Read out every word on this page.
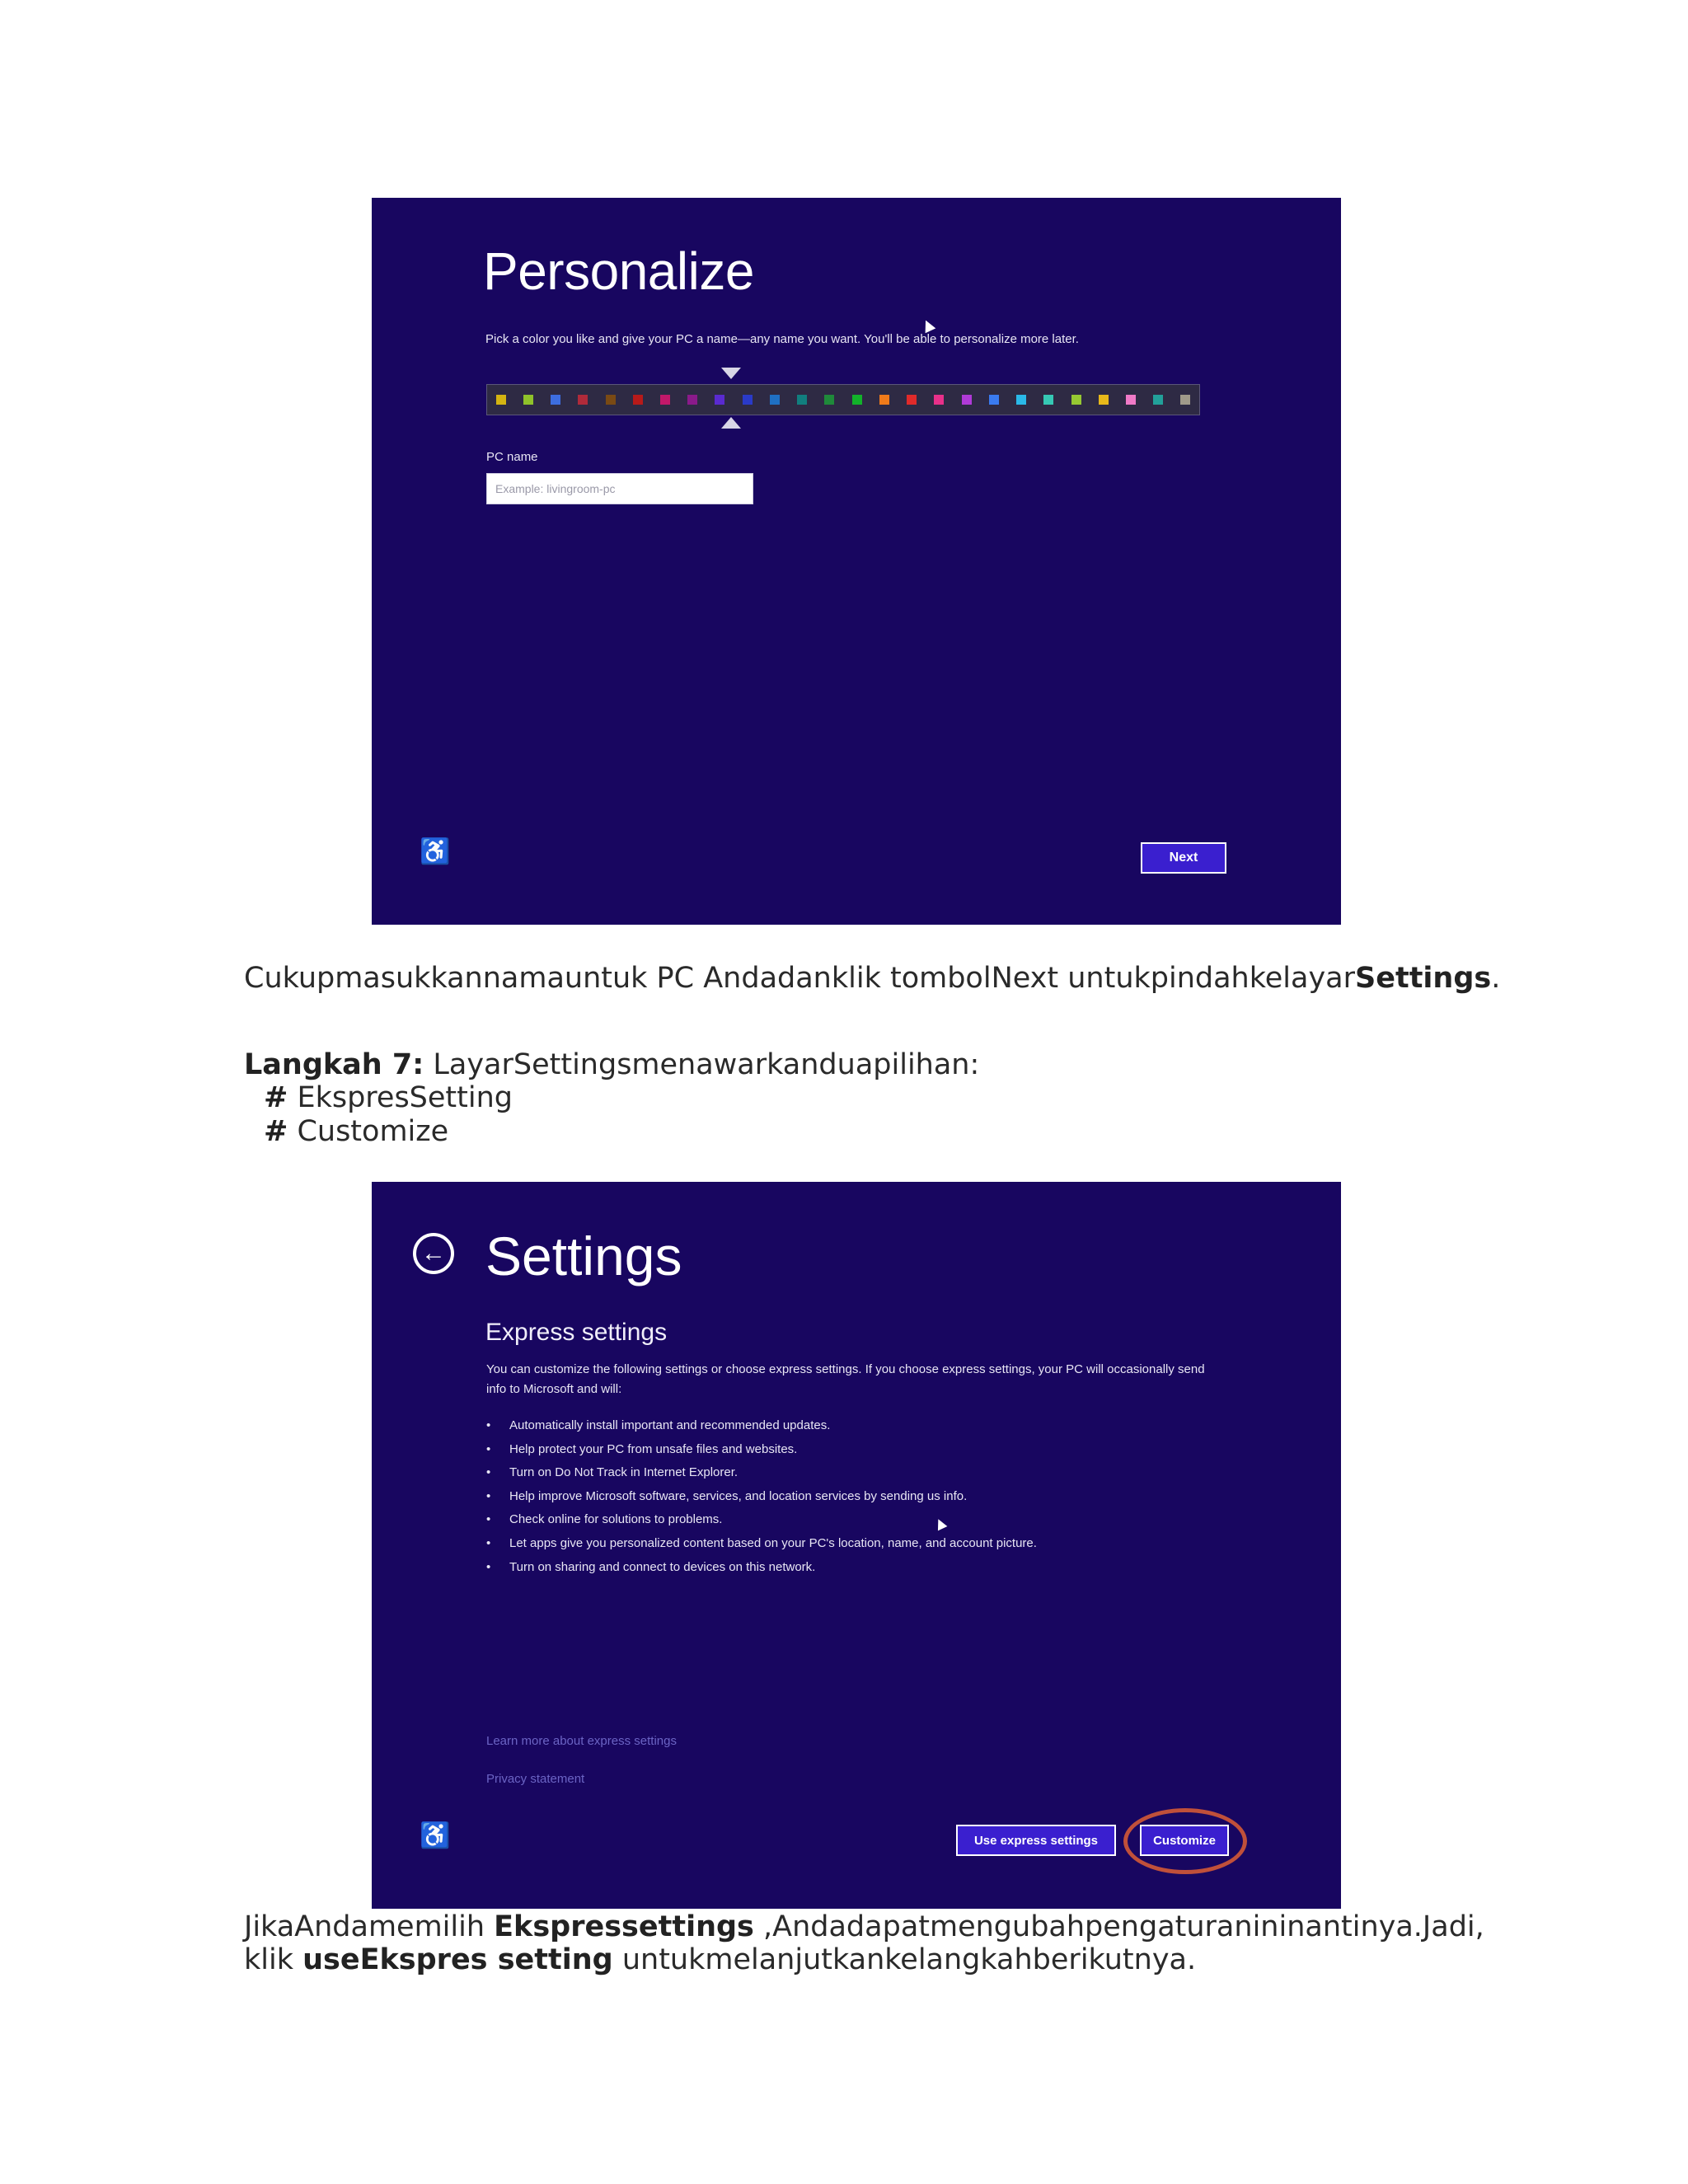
Personalize
Pick a color you like and give your PC a name—any name you want. You'll be able to personalize more later.
PC name
Example: livingroom-pc
♿	Next
Cukupmasukkannamauntuk PC Andadanklik tombolNext untukpindahkelayarSettings.
Langkah 7: LayarSettingsmenawarkanduapilihan:
# EkspresSetting
# Customize
← Settings
Express settings
You can customize the following settings or choose express settings. If you choose express settings, your PC will occasionally send info to Microsoft and will:
• Automatically install important and recommended updates.
• Help protect your PC from unsafe files and websites.
• Turn on Do Not Track in Internet Explorer.
• Help improve Microsoft software, services, and location services by sending us info.
• Check online for solutions to problems.
• Let apps give you personalized content based on your PC's location, name, and account picture.
• Turn on sharing and connect to devices on this network.
Learn more about express settings
Privacy statement
♿	Use express settings	Customize
JikaAndamemilih Ekspressettings ,Andadapatmengubahpengaturanininantinya.Jadi,
klik useEkspres setting untukmelanjutkankelangkahberikutnya.
